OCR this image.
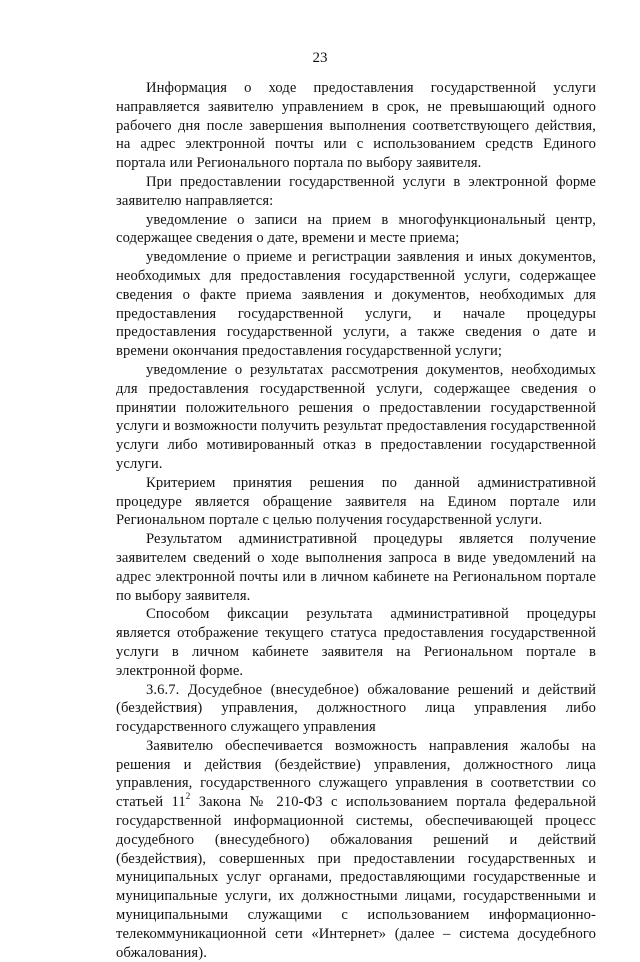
23

Информация о ходе предоставления государственной услуги направляется заявителю управлением в срок, не превышающий одного рабочего дня после завершения выполнения соответствующего действия, на адрес электронной почты или с использованием средств Единого портала или Регионального портала по выбору заявителя.

При предоставлении государственной услуги в электронной форме заявителю направляется:

уведомление о записи на прием в многофункциональный центр, содержащее сведения о дате, времени и месте приема;

уведомление о приеме и регистрации заявления и иных документов, необходимых для предоставления государственной услуги, содержащее сведения о факте приема заявления и документов, необходимых для предоставления государственной услуги, и начале процедуры предоставления государственной услуги, а также сведения о дате и времени окончания предоставления государственной услуги;

уведомление о результатах рассмотрения документов, необходимых для предоставления государственной услуги, содержащее сведения о принятии положительного решения о предоставлении государственной услуги и возможности получить результат предоставления государственной услуги либо мотивированный отказ в предоставлении государственной услуги.

Критерием принятия решения по данной административной процедуре является обращение заявителя на Едином портале или Региональном портале с целью получения государственной услуги.

Результатом административной процедуры является получение заявителем сведений о ходе выполнения запроса в виде уведомлений на адрес электронной почты или в личном кабинете на Региональном портале по выбору заявителя.

Способом фиксации результата административной процедуры является отображение текущего статуса предоставления государственной услуги в личном кабинете заявителя на Региональном портале в электронной форме.

3.6.7. Досудебное (внесудебное) обжалование решений и действий (бездействия) управления, должностного лица управления либо государственного служащего управления

Заявителю обеспечивается возможность направления жалобы на решения и действия (бездействие) управления, должностного лица управления, государственного служащего управления в соответствии со статьей $11^2$ Закона № 210-ФЗ с использованием портала федеральной государственной информационной системы, обеспечивающей процесс досудебного (внесудебного) обжалования решений и действий (бездействия), совершенных при предоставлении государственных и муниципальных услуг органами, предоставляющими государственные и муниципальные услуги, их должностными лицами, государственными и муниципальными служащими с использованием информационно-телекоммуникационной сети «Интернет» (далее – система досудебного обжалования).
